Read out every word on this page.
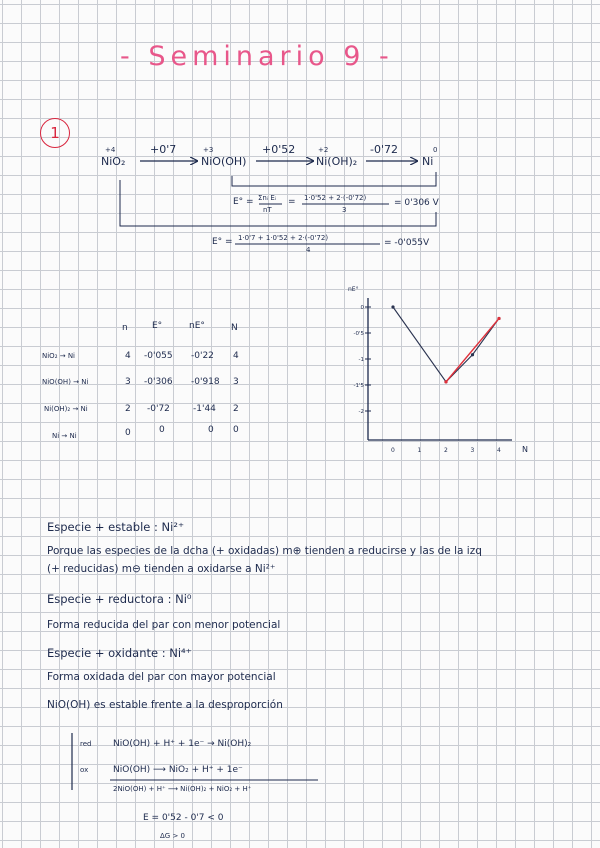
- Seminario 9 -
1
NiO₂	NiO(OH)	Ni(OH)₂	Ni
+4	+3	+2	0
+0'7	+0'52	-0'72
E° = Σnᵢ Eᵢ
nT
= 1·0'52 + 2·(-0'72)
3
= 0'306 V
E° = 1·0'7 + 1·0'52 + 2·(-0'72)
4
= -0'055V
n	E°	nE°	N
NiO₂ → Ni	4 -0'055 -0'22 4
NiO(OH) → Ni	3 -0'306 -0'918 3
Ni(OH)₂ → Ni	2 -0'72	-1'44 2
Ni → Ni	0	0	0 0
nE°
N
0	1	2	3	4
0
-0'5
-1
-1'5
-2
Especie + estable : Ni²⁺
Porque las especies de la dcha (+ oxidadas) m⊕ tienden a reducirse y las de la izq
(+ reducidas) m⊖ tienden a oxidarse a Ni²⁺
Especie + reductora : Ni⁰
Forma reducida del par con menor potencial
Especie + oxidante : Ni⁴⁺
Forma oxidada del par con mayor potencial
NiO(OH) es estable frente a la desproporción
red
ox
NiO(OH) + H⁺ + 1e⁻ → Ni(OH)₂
NiO(OH) ⟶ NiO₂ + H⁺ + 1e⁻
2NiO(OH) + H⁺ ⟶ Ni(OH)₂ + NiO₂ + H⁺
E = 0'52 - 0'7 < 0
ΔG > 0
